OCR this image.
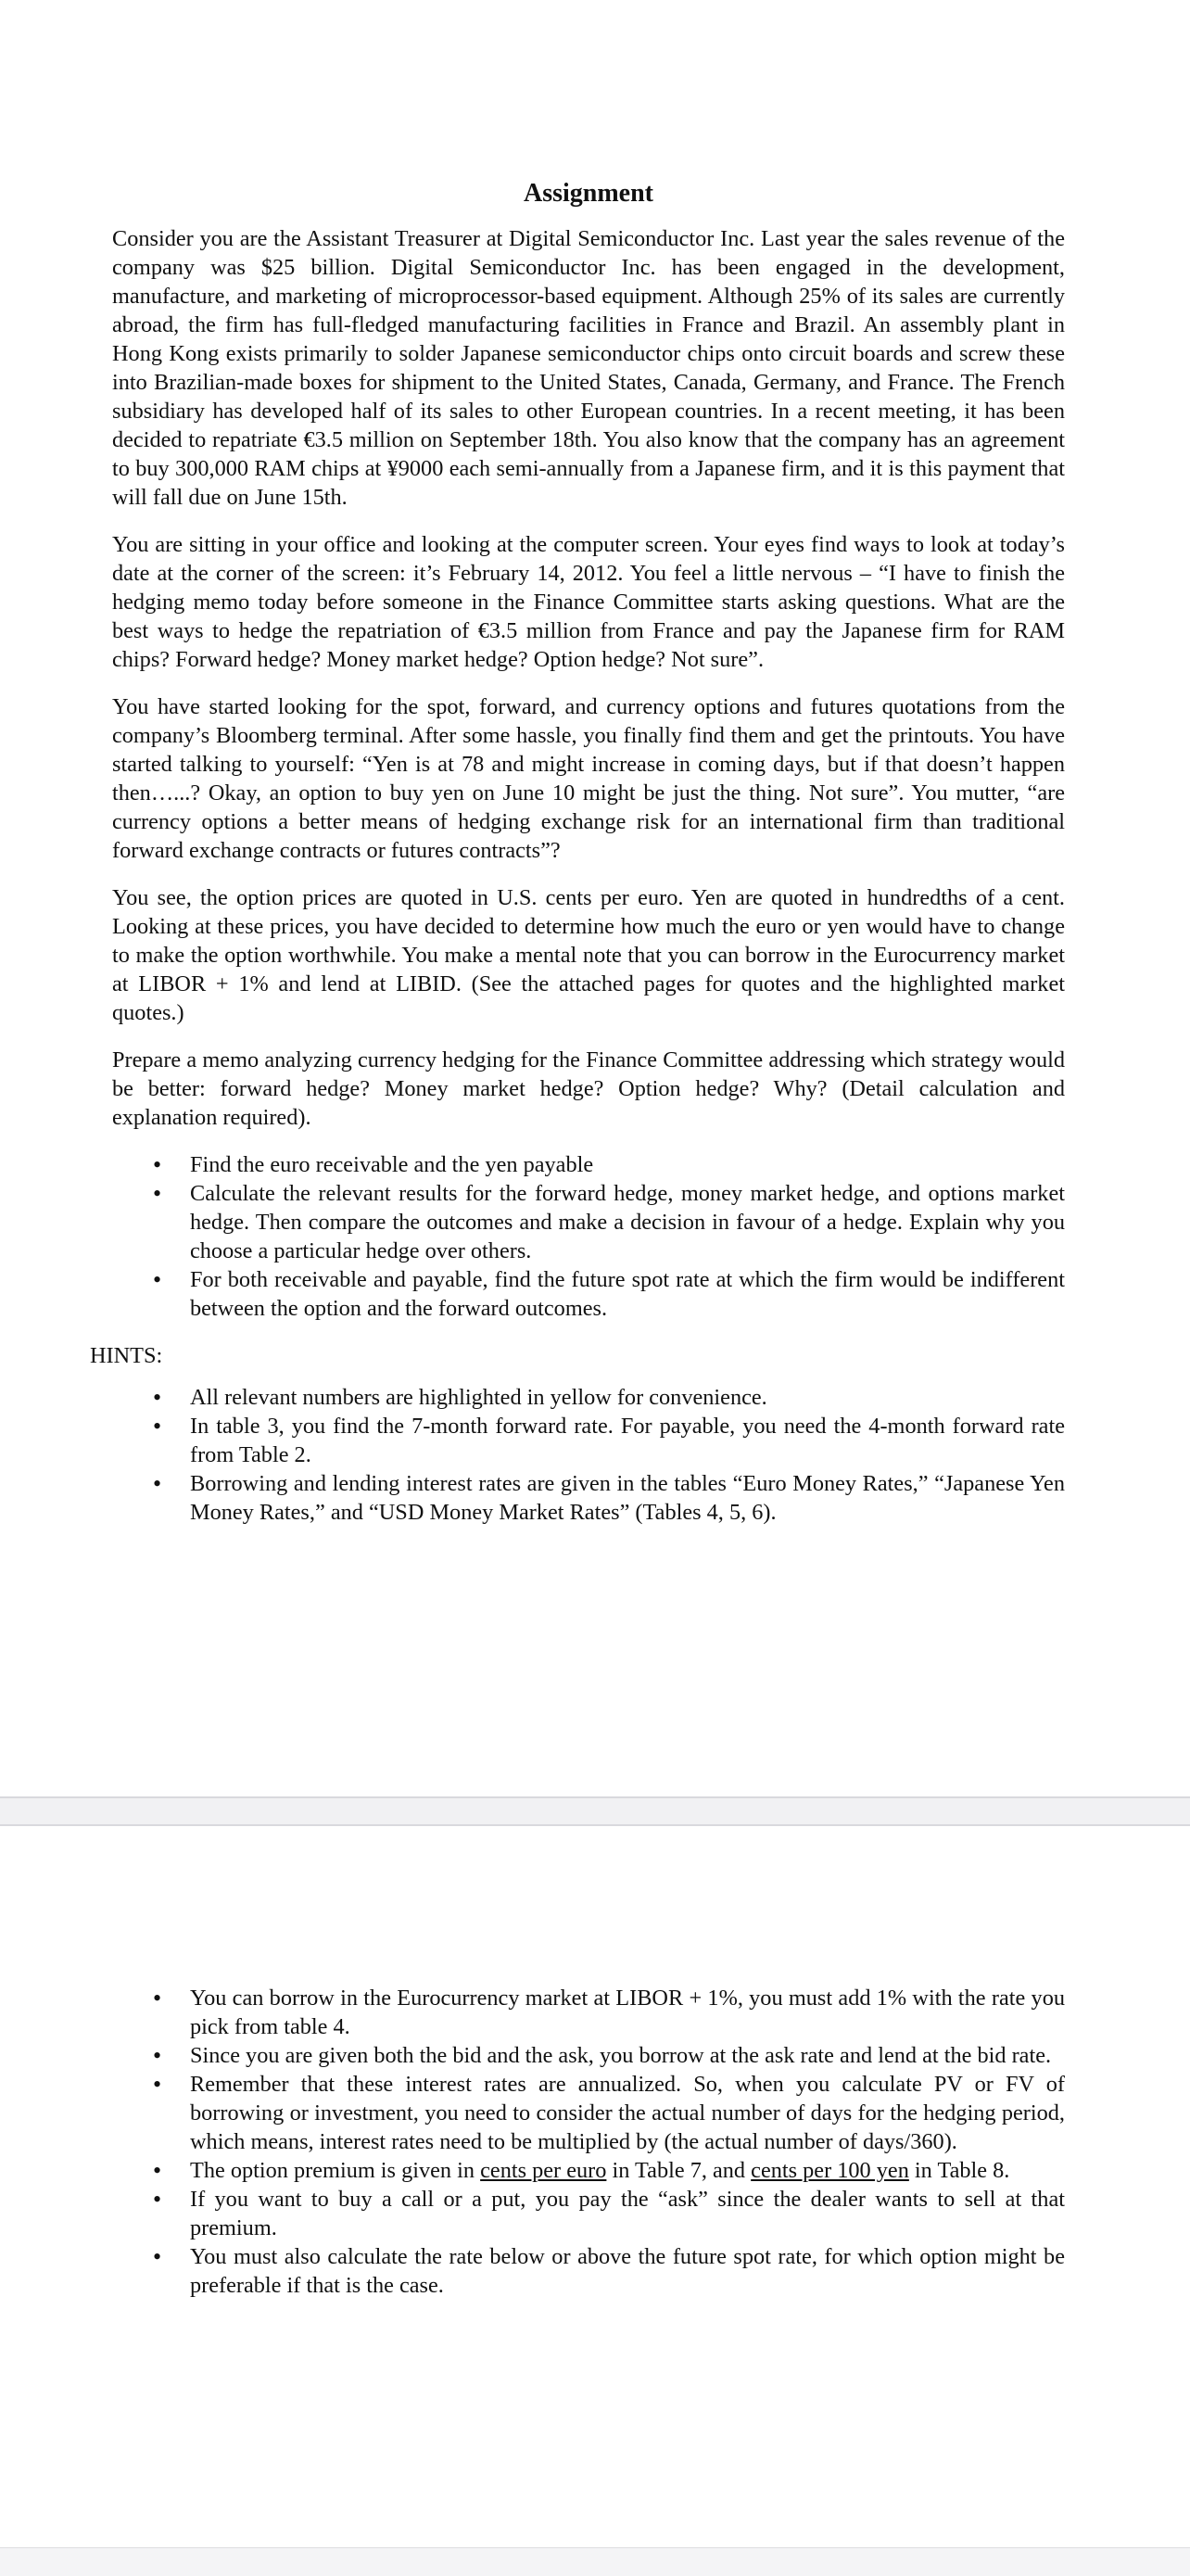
Assignment

Consider you are the Assistant Treasurer at Digital Semiconductor Inc. Last year the sales revenue of the company was $25 billion. Digital Semiconductor Inc. has been engaged in the development, manufacture, and marketing of microprocessor-based equipment. Although 25% of its sales are currently abroad, the firm has full-fledged manufacturing facilities in France and Brazil. An assembly plant in Hong Kong exists primarily to solder Japanese semiconductor chips onto circuit boards and screw these into Brazilian-made boxes for shipment to the United States, Canada, Germany, and France. The French subsidiary has developed half of its sales to other European countries. In a recent meeting, it has been decided to repatriate €3.5 million on September 18th. You also know that the company has an agreement to buy 300,000 RAM chips at ¥9000 each semi-annually from a Japanese firm, and it is this payment that will fall due on June 15th.

You are sitting in your office and looking at the computer screen. Your eyes find ways to look at today’s date at the corner of the screen: it’s February 14, 2012. You feel a little nervous – “I have to finish the hedging memo today before someone in the Finance Committee starts asking questions. What are the best ways to hedge the repatriation of €3.5 million from France and pay the Japanese firm for RAM chips? Forward hedge? Money market hedge? Option hedge? Not sure”.

You have started looking for the spot, forward, and currency options and futures quotations from the company’s Bloomberg terminal. After some hassle, you finally find them and get the printouts. You have started talking to yourself: “Yen is at 78 and might increase in coming days, but if that doesn’t happen then…...? Okay, an option to buy yen on June 10 might be just the thing. Not sure”. You mutter, “are currency options a better means of hedging exchange risk for an international firm than traditional forward exchange contracts or futures contracts”?

You see, the option prices are quoted in U.S. cents per euro. Yen are quoted in hundredths of a cent. Looking at these prices, you have decided to determine how much the euro or yen would have to change to make the option worthwhile. You make a mental note that you can borrow in the Eurocurrency market at LIBOR + 1% and lend at LIBID. (See the attached pages for quotes and the highlighted market quotes.)

Prepare a memo analyzing currency hedging for the Finance Committee addressing which strategy would be better: forward hedge? Money market hedge? Option hedge? Why? (Detail calculation and explanation required).

• Find the euro receivable and the yen payable
• Calculate the relevant results for the forward hedge, money market hedge, and options market hedge. Then compare the outcomes and make a decision in favour of a hedge. Explain why you choose a particular hedge over others.
• For both receivable and payable, find the future spot rate at which the firm would be indifferent between the option and the forward outcomes.
HINTS:
• All relevant numbers are highlighted in yellow for convenience.
• In table 3, you find the 7-month forward rate. For payable, you need the 4-month forward rate from Table 2.
• Borrowing and lending interest rates are given in the tables “Euro Money Rates,” “Japanese Yen Money Rates,” and “USD Money Market Rates” (Tables 4, 5, 6).
• You can borrow in the Eurocurrency market at LIBOR + 1%, you must add 1% with the rate you pick from table 4.
• Since you are given both the bid and the ask, you borrow at the ask rate and lend at the bid rate.
• Remember that these interest rates are annualized. So, when you calculate PV or FV of borrowing or investment, you need to consider the actual number of days for the hedging period, which means, interest rates need to be multiplied by (the actual number of days/360).
• The option premium is given in cents per euro in Table 7, and cents per 100 yen in Table 8.
• If you want to buy a call or a put, you pay the “ask” since the dealer wants to sell at that premium.
• You must also calculate the rate below or above the future spot rate, for which option might be preferable if that is the case.
